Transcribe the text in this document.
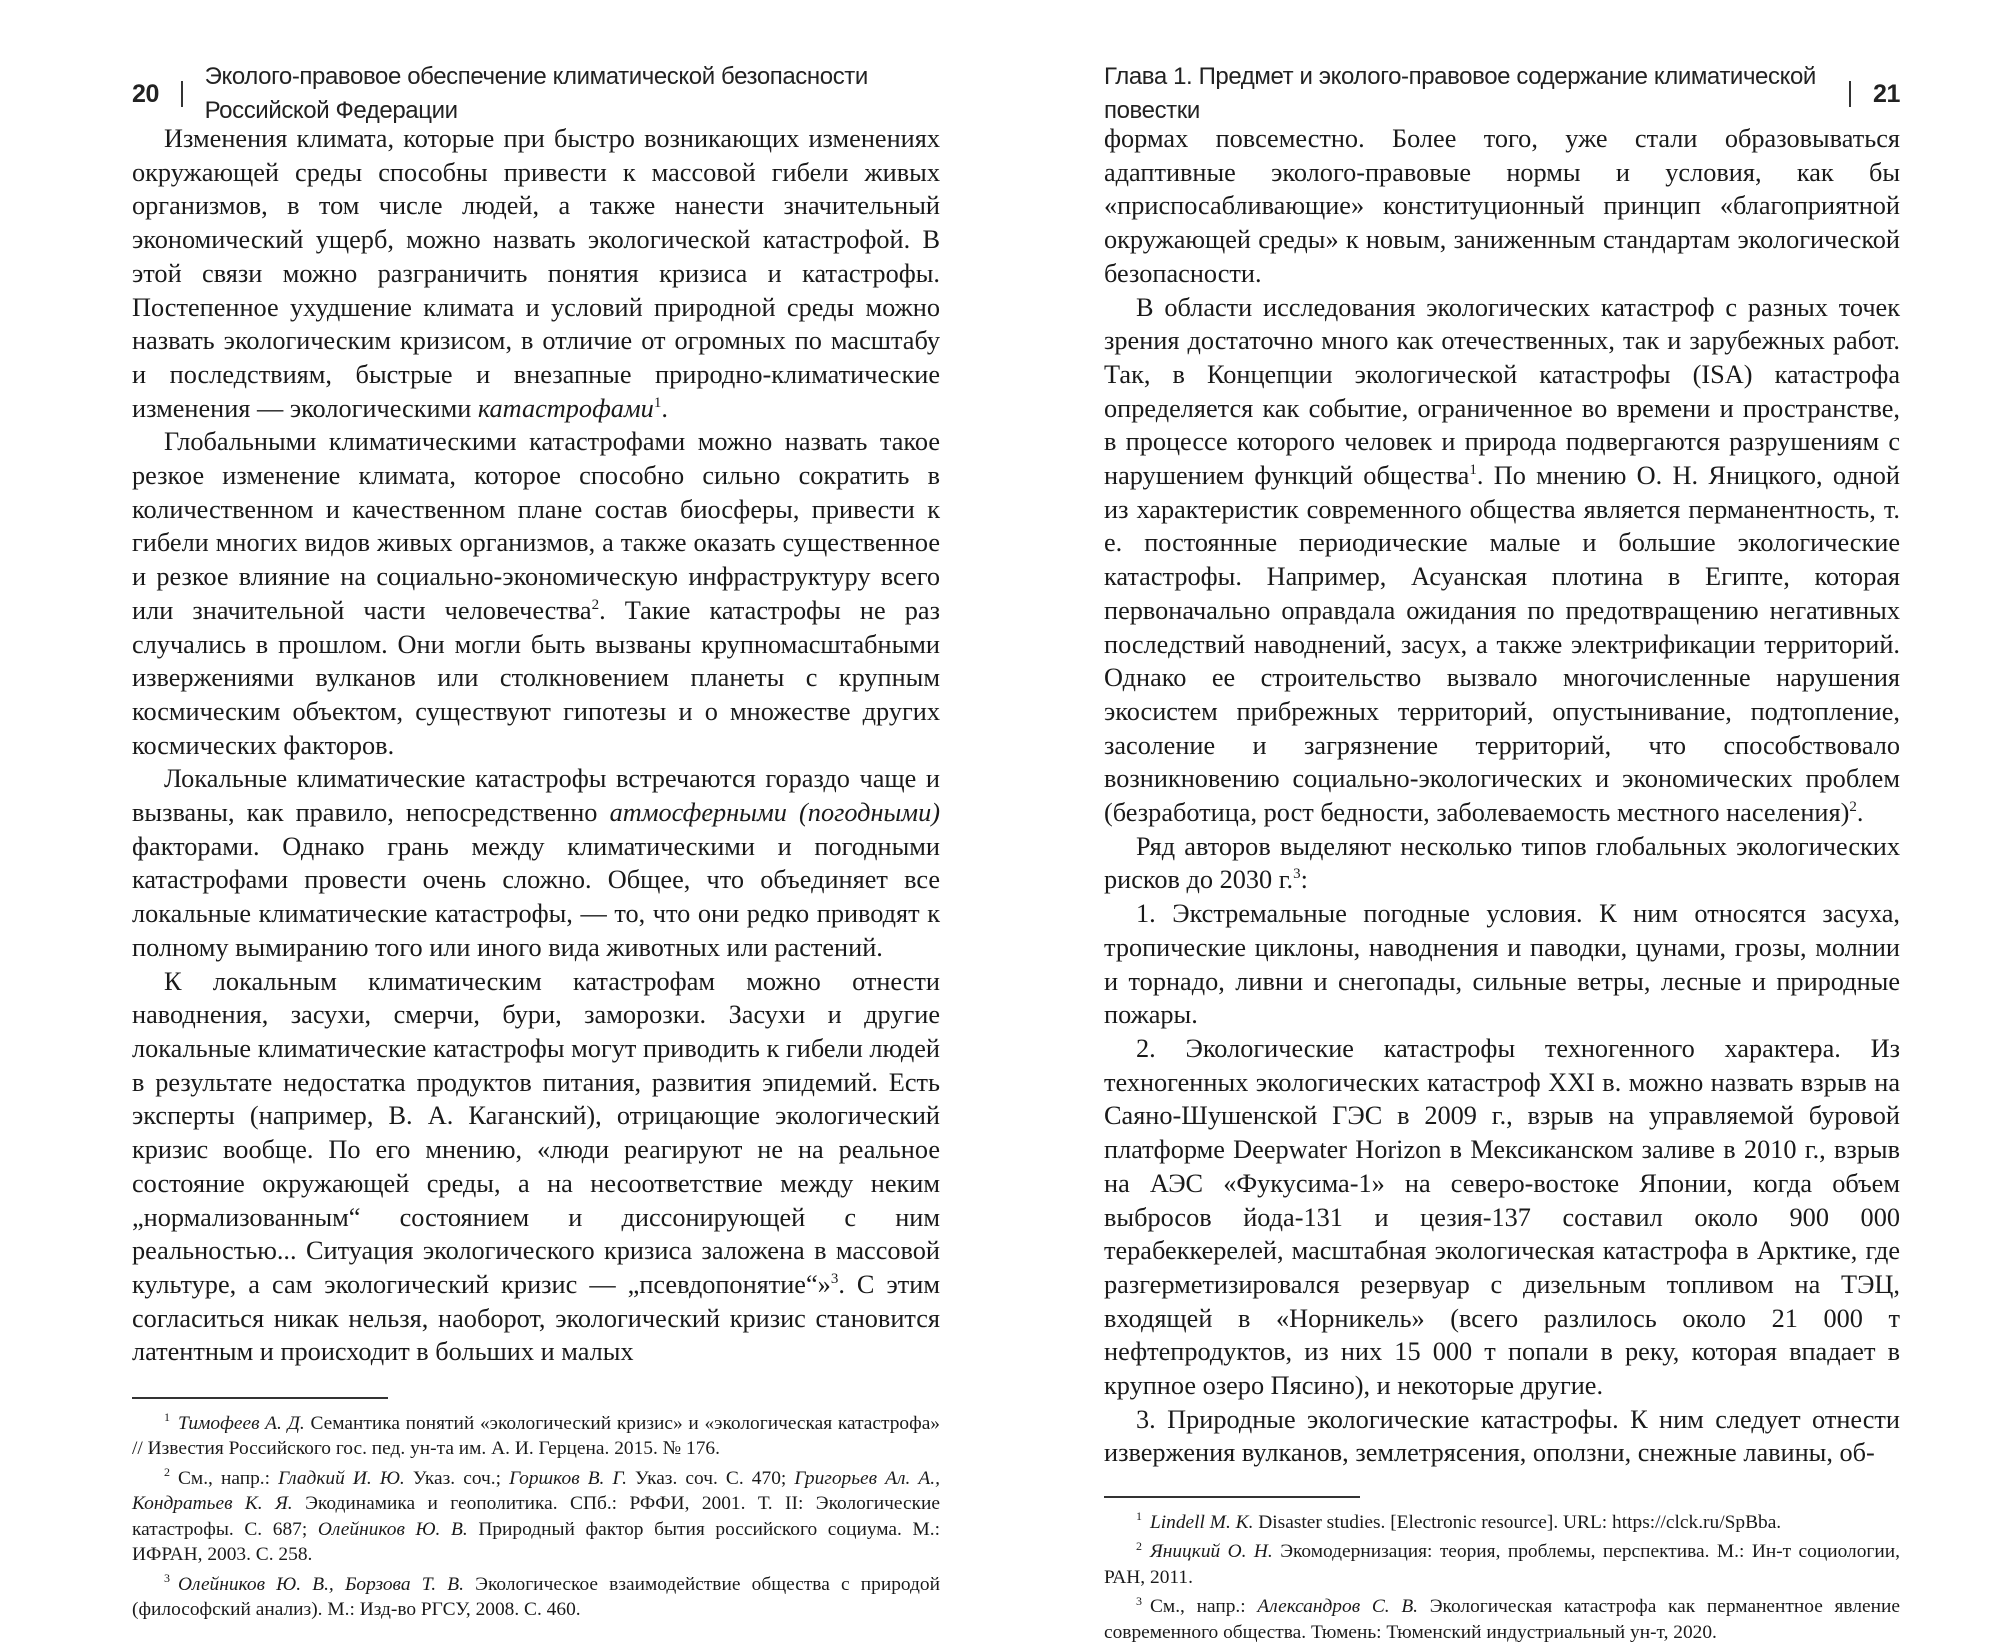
20
Эколого-правовое обеспечение климатической безопасности Российской Федерации

Изменения климата, которые при быстро возникающих изменениях окружающей среды способны привести к массовой гибели живых организмов, в том числе людей, а также нанести значительный экономический ущерб, можно назвать экологической катастрофой. В этой связи можно разграничить понятия кризиса и катастрофы. Постепенное ухудшение климата и условий природной среды можно назвать экологическим кризисом, в отличие от огромных по масштабу и последствиям, быстрые и внезапные природно-климатические изменения — экологическими катастрофами$^1$.

Глобальными климатическими катастрофами можно назвать такое резкое изменение климата, которое способно сильно сократить в количественном и качественном плане состав биосферы, привести к гибели многих видов живых организмов, а также оказать существенное и резкое влияние на социально-экономическую инфраструктуру всего или значительной части человечества$^2$. Такие катастрофы не раз случались в прошлом. Они могли быть вызваны крупномасштабными извержениями вулканов или столкновением планеты с крупным космическим объектом, существуют гипотезы и о множестве других космических факторов.

Локальные климатические катастрофы встречаются гораздо чаще и вызваны, как правило, непосредственно атмосферными (погодными) факторами. Однако грань между климатическими и погодными катастрофами провести очень сложно. Общее, что объединяет все локальные климатические катастрофы, — то, что они редко приводят к полному вымиранию того или иного вида животных или растений.

К локальным климатическим катастрофам можно отнести наводнения, засухи, смерчи, бури, заморозки. Засухи и другие локальные климатические катастрофы могут приводить к гибели людей в результате недостатка продуктов питания, развития эпидемий. Есть эксперты (например, В. А. Каганский), отрицающие экологический кризис вообще. По его мнению, «люди реагируют не на реальное состояние окружающей среды, а на несоответствие между неким „нормализованным“ состоянием и диссонирующей с ним реальностью... Ситуация экологического кризиса заложена в массовой культуре, а сам экологический кризис — „псевдопонятие“»$^3$. С этим согласиться никак нельзя, наоборот, экологический кризис становится латентным и происходит в больших и малых

$^1$ Тимофеев А. Д. Семантика понятий «экологический кризис» и «экологическая катастрофа» // Известия Российского гос. пед. ун-та им. А. И. Герцена. 2015. № 176.

$^2$ См., напр.: Гладкий И. Ю. Указ. соч.; Горшков В. Г. Указ. соч. С. 470; Григорьев Ал. А., Кондратьев К. Я. Экодинамика и геополитика. СПб.: РФФИ, 2001. Т. II: Экологические катастрофы. С. 687; Олейников Ю. В. Природный фактор бытия российского социума. М.: ИФРАН, 2003. С. 258.

$^3$ Олейников Ю. В., Борзова Т. В. Экологическое взаимодействие общества с природой (философский анализ). М.: Изд-во РГСУ, 2008. С. 460.

Глава 1. Предмет и эколого-правовое содержание климатической повестки
21

формах повсеместно. Более того, уже стали образовываться адаптивные эколого-правовые нормы и условия, как бы «приспосабливающие» конституционный принцип «благоприятной окружающей среды» к новым, заниженным стандартам экологической безопасности.

В области исследования экологических катастроф с разных точек зрения достаточно много как отечественных, так и зарубежных работ. Так, в Концепции экологической катастрофы (ISA) катастрофа определяется как событие, ограниченное во времени и пространстве, в процессе которого человек и природа подвергаются разрушениям с нарушением функций общества$^1$. По мнению О. Н. Яницкого, одной из характеристик современного общества является перманентность, т. е. постоянные периодические малые и большие экологические катастрофы. Например, Асуанская плотина в Египте, которая первоначально оправдала ожидания по предотвращению негативных последствий наводнений, засух, а также электрификации территорий. Однако ее строительство вызвало многочисленные нарушения экосистем прибрежных территорий, опустынивание, подтопление, засоление и загрязнение территорий, что способствовало возникновению социально-экологических и экономических проблем (безработица, рост бедности, заболеваемость местного населения)$^2$.

Ряд авторов выделяют несколько типов глобальных экологических рисков до 2030 г.$^3$:

1. Экстремальные погодные условия. К ним относятся засуха, тропические циклоны, наводнения и паводки, цунами, грозы, молнии и торнадо, ливни и снегопады, сильные ветры, лесные и природные пожары.

2. Экологические катастрофы техногенного характера. Из техногенных экологических катастроф XXI в. можно назвать взрыв на Саяно-Шушенской ГЭС в 2009 г., взрыв на управляемой буровой платформе Deepwater Horizon в Мексиканском заливе в 2010 г., взрыв на АЭС «Фукусима-1» на северо-востоке Японии, когда объем выбросов йода-131 и цезия-137 составил около 900 000 терабеккерелей, масштабная экологическая катастрофа в Арктике, где разгерметизировался резервуар с дизельным топливом на ТЭЦ, входящей в «Норникель» (всего разлилось около 21 000 т нефтепродуктов, из них 15 000 т попали в реку, которая впадает в крупное озеро Пясино), и некоторые другие.

3. Природные экологические катастрофы. К ним следует отнести извержения вулканов, землетрясения, оползни, снежные лавины, об-

$^1$ Lindell M. K. Disaster studies. [Electronic resource]. URL: https://clck.ru/SpBba.

$^2$ Яницкий О. Н. Экомодернизация: теория, проблемы, перспектива. М.: Ин-т социологии, РАН, 2011.

$^3$ См., напр.: Александров С. В. Экологическая катастрофа как перманентное явление современного общества. Тюмень: Тюменский индустриальный ун-т, 2020.
